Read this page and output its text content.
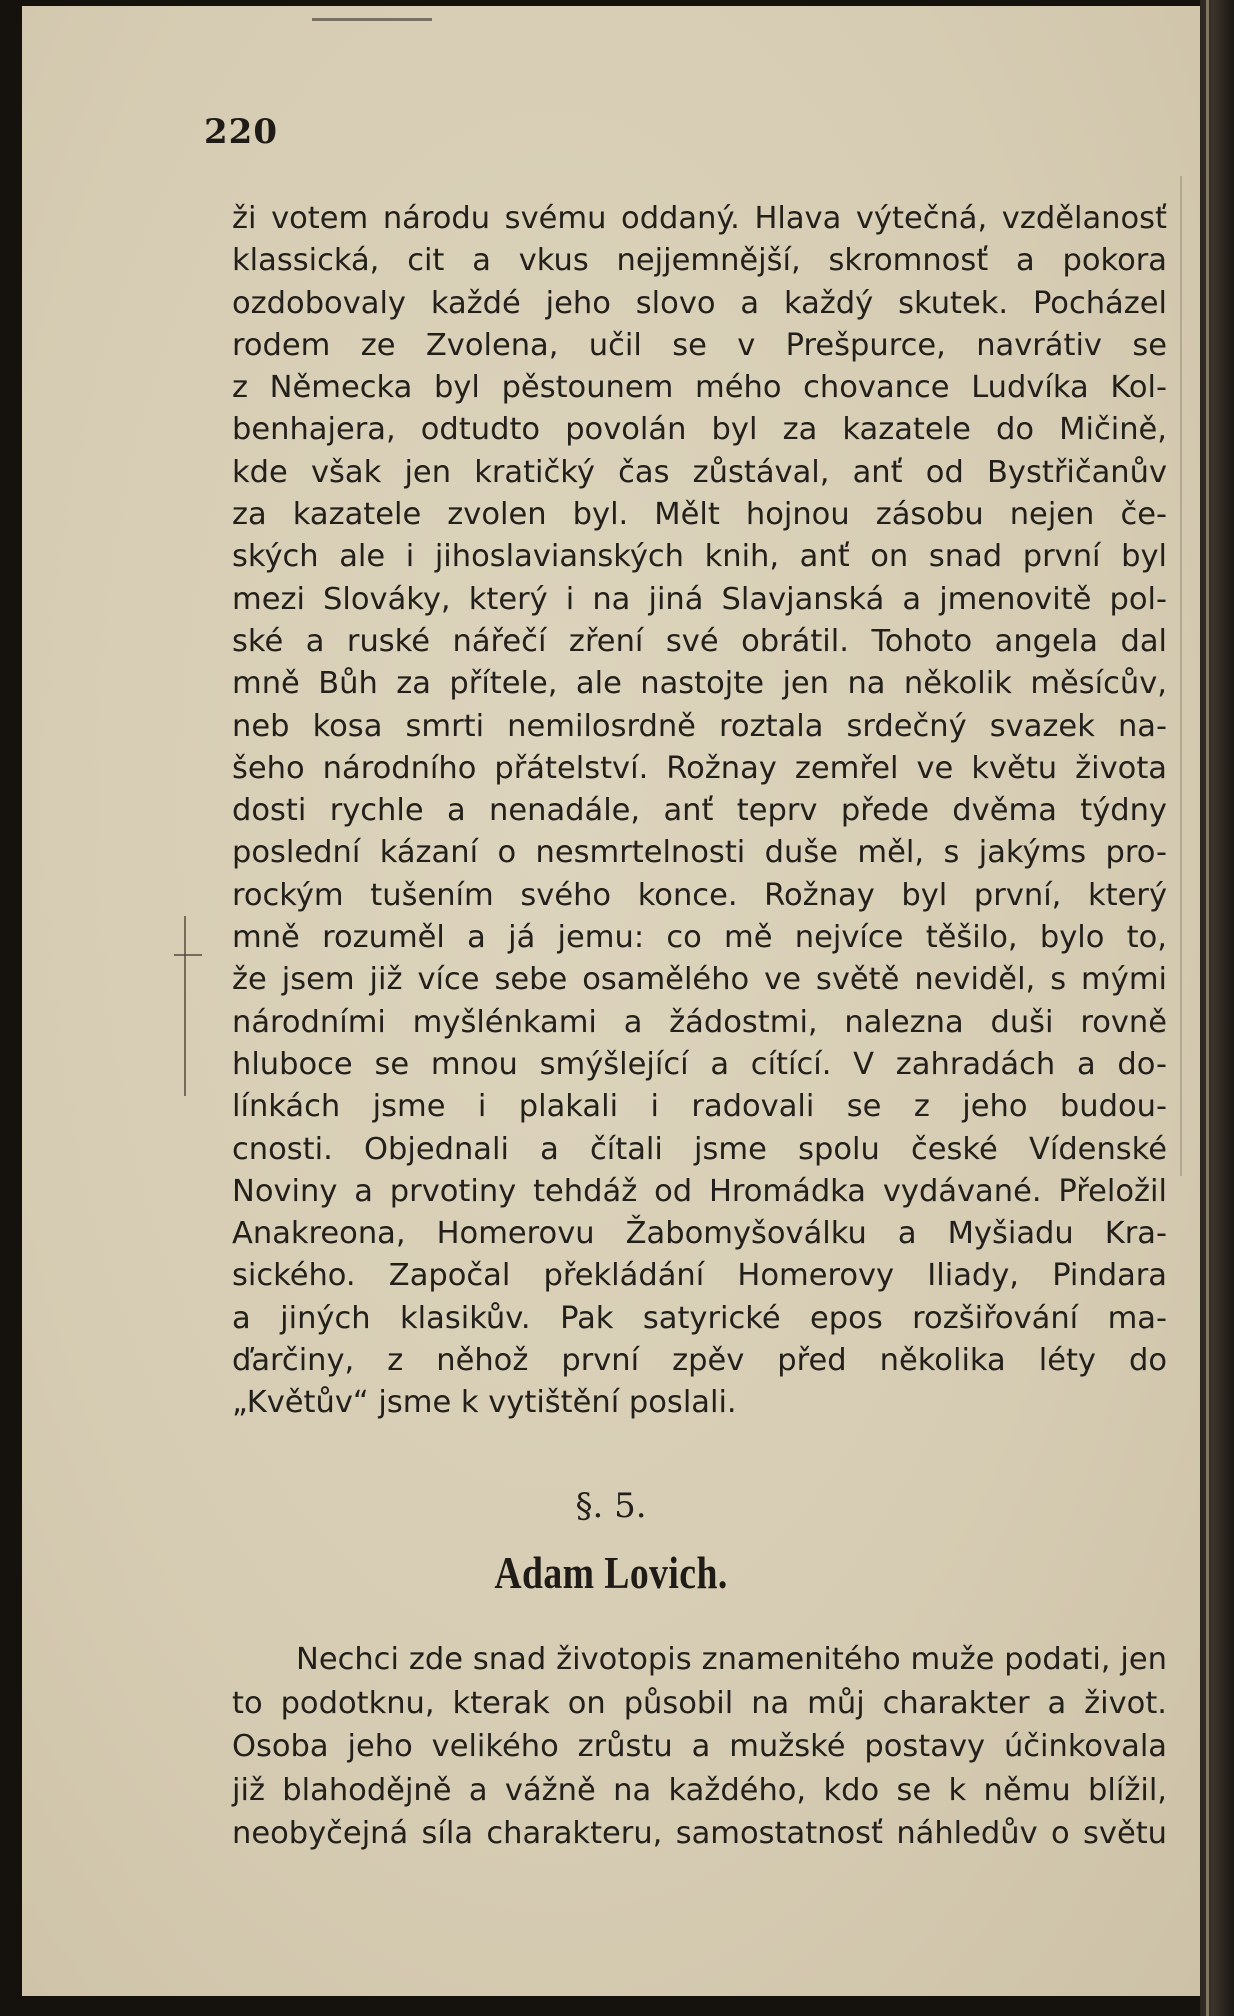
220
ži votem národu svému oddaný. Hlava výtečná, vzdělanosť
klassická, cit a vkus nejjemnější, skromnosť a pokora
ozdobovaly každé jeho slovo a každý skutek. Pocházel
rodem ze Zvolena, učil se v Prešpurce, navrátiv se
z Německa byl pěstounem mého chovance Ludvíka Kol-
benhajera, odtudto povolán byl za kazatele do Mičině,
kde však jen kratičký čas zůstával, anť od Bystřičanův
za kazatele zvolen byl. Mělt hojnou zásobu nejen če-
ských ale i jihoslavianských knih, anť on snad první byl
mezi Slováky, který i na jiná Slavjanská a jmenovitě pol-
ské a ruské nářečí zření své obrátil. Tohoto angela dal
mně Bůh za přítele, ale nastojte jen na několik měsícův,
neb kosa smrti nemilosrdně roztala srdečný svazek na-
šeho národního přátelství. Rožnay zemřel ve květu života
dosti rychle a nenadále, anť teprv přede dvěma týdny
poslední kázaní o nesmrtelnosti duše měl, s jakýms pro-
rockým tušením svého konce. Rožnay byl první, který
mně rozuměl a já jemu: co mě nejvíce těšilo, bylo to,
že jsem již více sebe osamělého ve světě neviděl, s mými
národními myšlénkami a žádostmi, nalezna duši rovně
hluboce se mnou smýšlející a cítící. V zahradách a do-
línkách jsme i plakali i radovali se z jeho budou-
cnosti. Objednali a čítali jsme spolu české Vídenské
Noviny a prvotiny tehdáž od Hromádka vydávané. Přeložil
Anakreona, Homerovu Žabomyšoválku a Myšiadu Kra-
sického. Započal překládání Homerovy Iliady, Pindara
a jiných klasikův. Pak satyrické epos rozšiřování ma-
ďarčiny, z něhož první zpěv před několika léty do
„Květův“ jsme k vytištění poslali.
§. 5.
Adam Lovich.
Nechci zde snad životopis znamenitého muže podati, jen
to podotknu, kterak on působil na můj charakter a život.
Osoba jeho velikého zrůstu a mužské postavy účinkovala
již blahodějně a vážně na každého, kdo se k němu blížil,
neobyčejná síla charakteru, samostatnosť náhledův o světu
